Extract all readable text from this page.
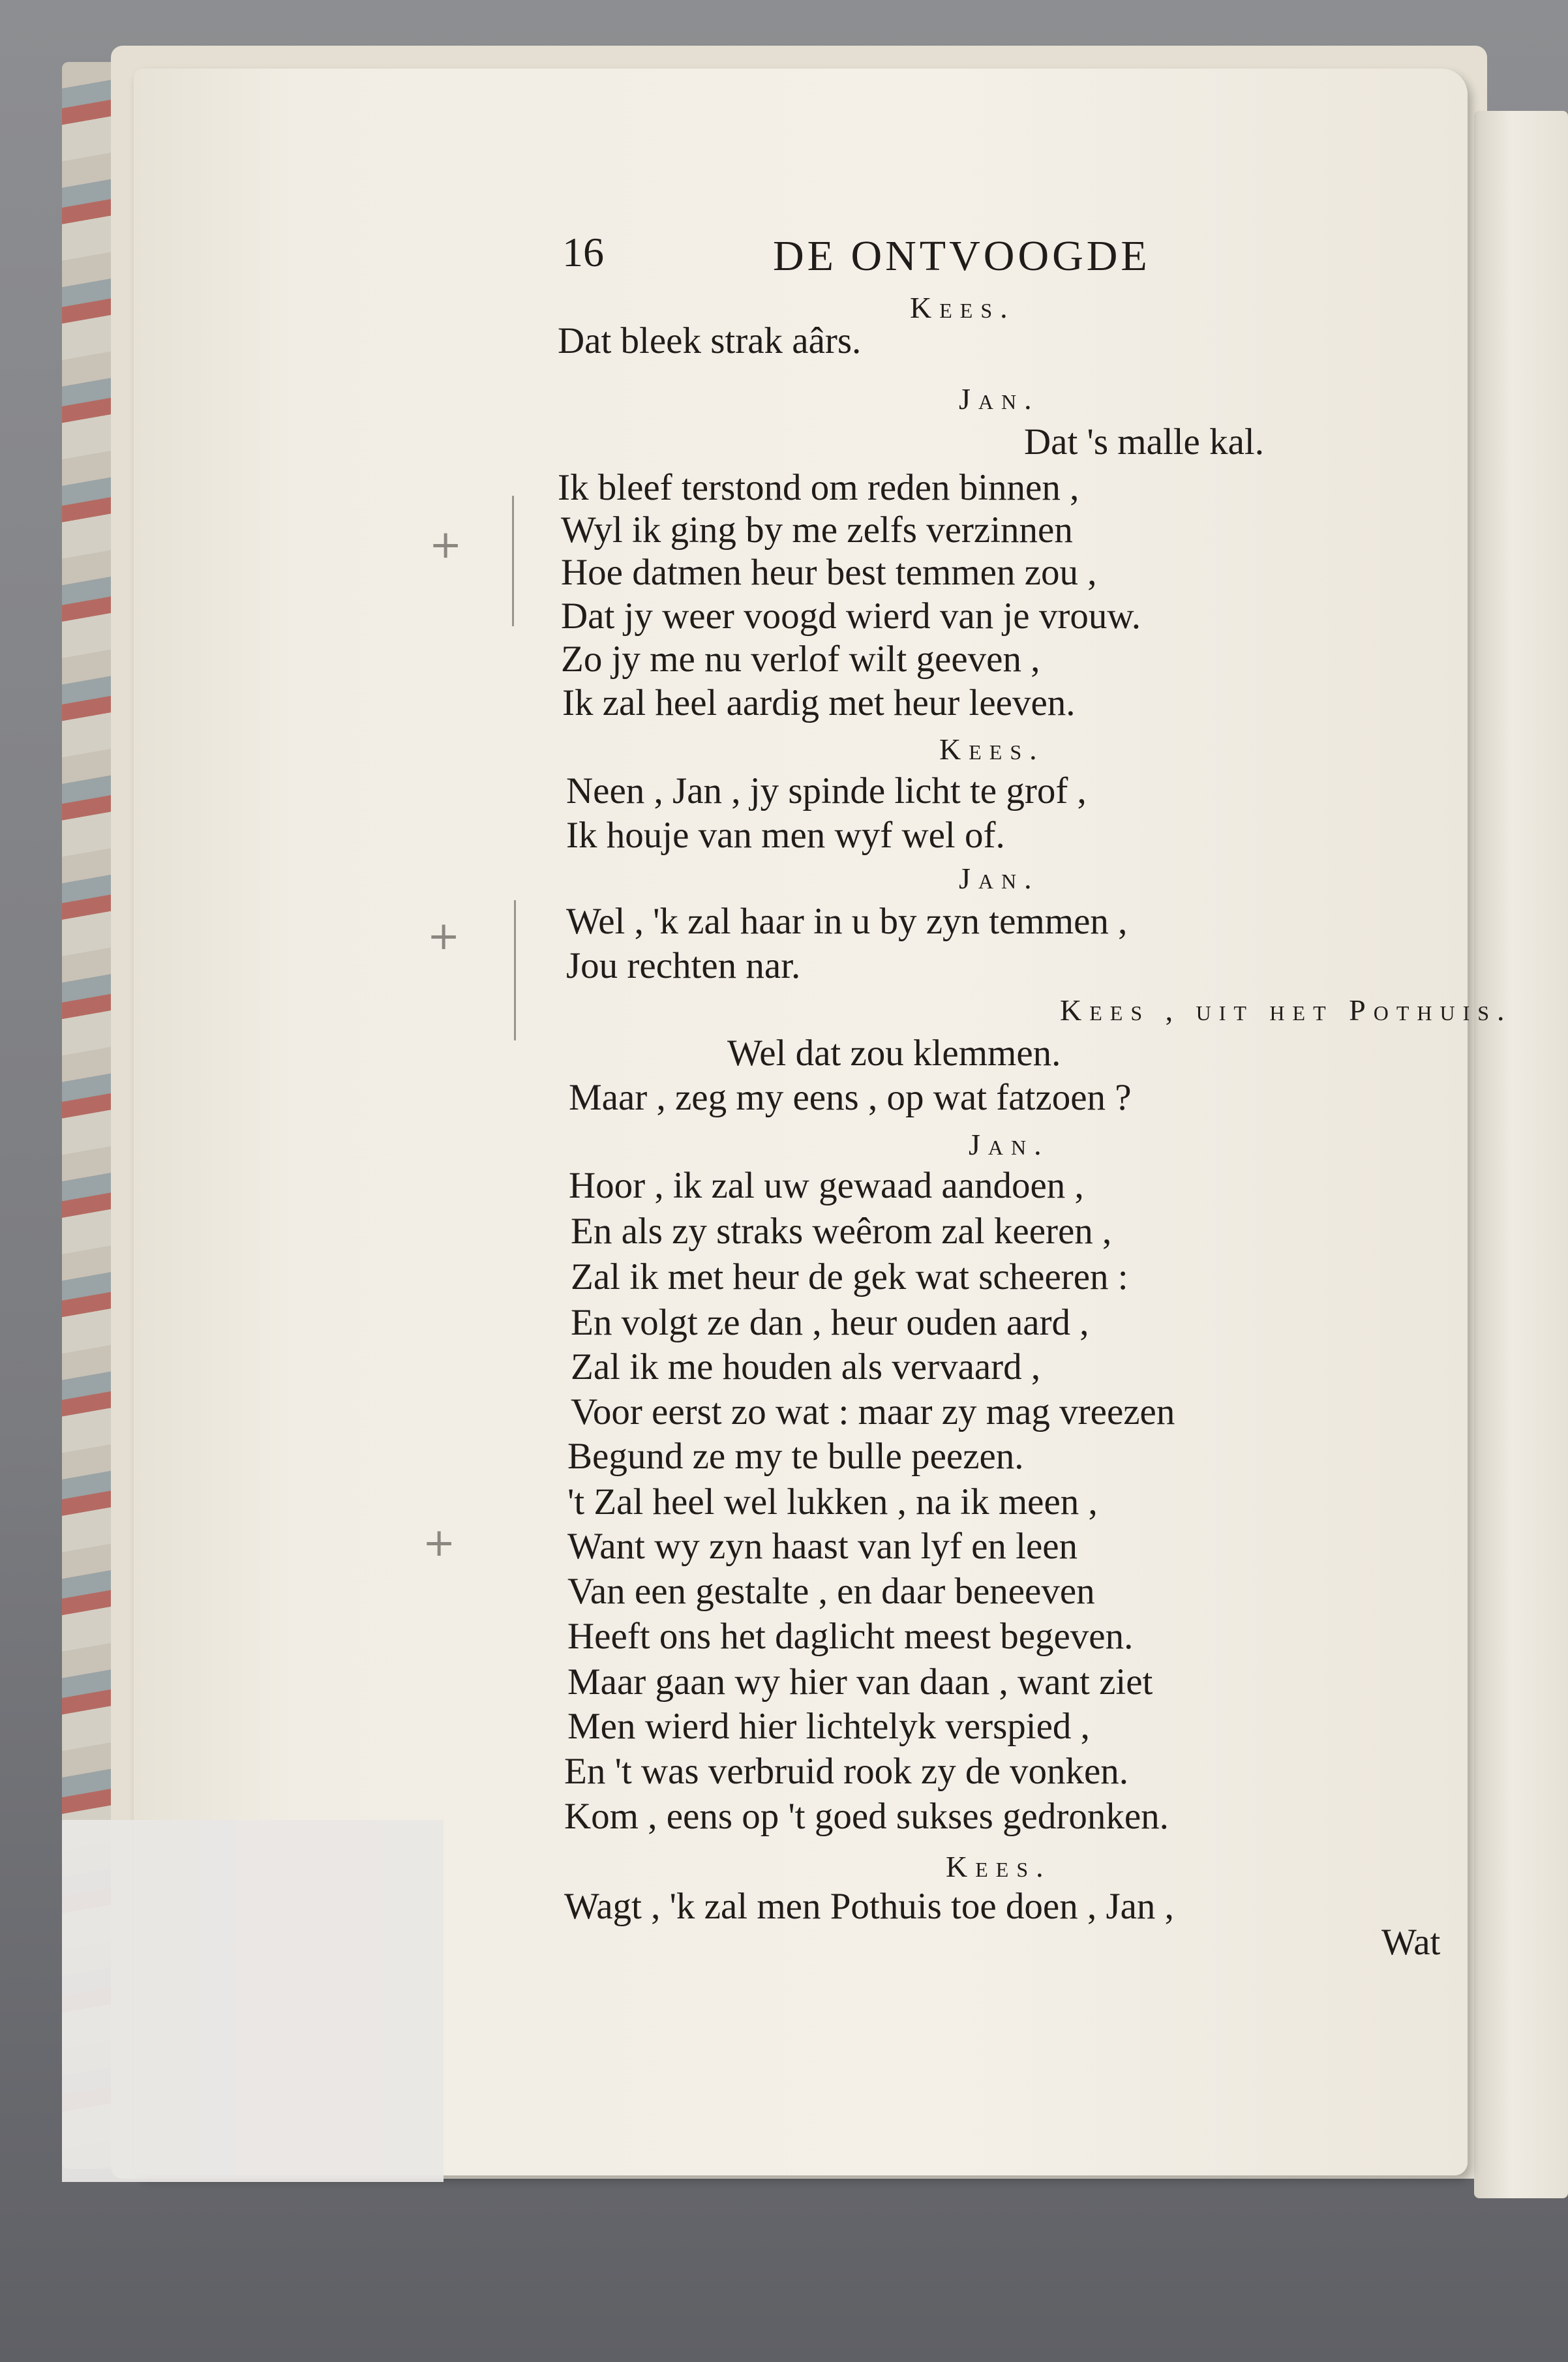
16	DE ONTVOOGDE
Kees.
Dat bleek strak aârs.
Jan.
Dat 's malle kal.
Ik bleef terstond om reden binnen ,
Wyl ik ging by me zelfs verzinnen
Hoe datmen heur best temmen zou ,
Dat jy weer voogd wierd van je vrouw.
Zo jy me nu verlof wilt geeven ,
Ik zal heel aardig met heur leeven.
Kees.
Neen , Jan , jy spinde licht te grof ,
Ik houje van men wyf wel of.
Jan.
Wel , 'k zal haar in u by zyn temmen ,
Jou rechten nar.
Kees , uit het Pothuis.
Wel dat zou klemmen.
Maar , zeg my eens , op wat fatzoen ?
Jan.
Hoor , ik zal uw gewaad aandoen ,
En als zy straks weêrom zal keeren ,
Zal ik met heur de gek wat scheeren :
En volgt ze dan , heur ouden aard ,
Zal ik me houden als vervaard ,
Voor eerst zo wat : maar zy mag vreezen
Begund ze my te bulle peezen.
't Zal heel wel lukken , na ik meen ,
Want wy zyn haast van lyf en leen
Van een gestalte , en daar beneeven
Heeft ons het daglicht meest begeven.
Maar gaan wy hier van daan , want ziet
Men wierd hier lichtelyk verspied ,
En 't was verbruid rook zy de vonken.
Kom , eens op 't goed sukses gedronken.
Kees.
Wagt , 'k zal men Pothuis toe doen , Jan ,
Wat
+
+
+
